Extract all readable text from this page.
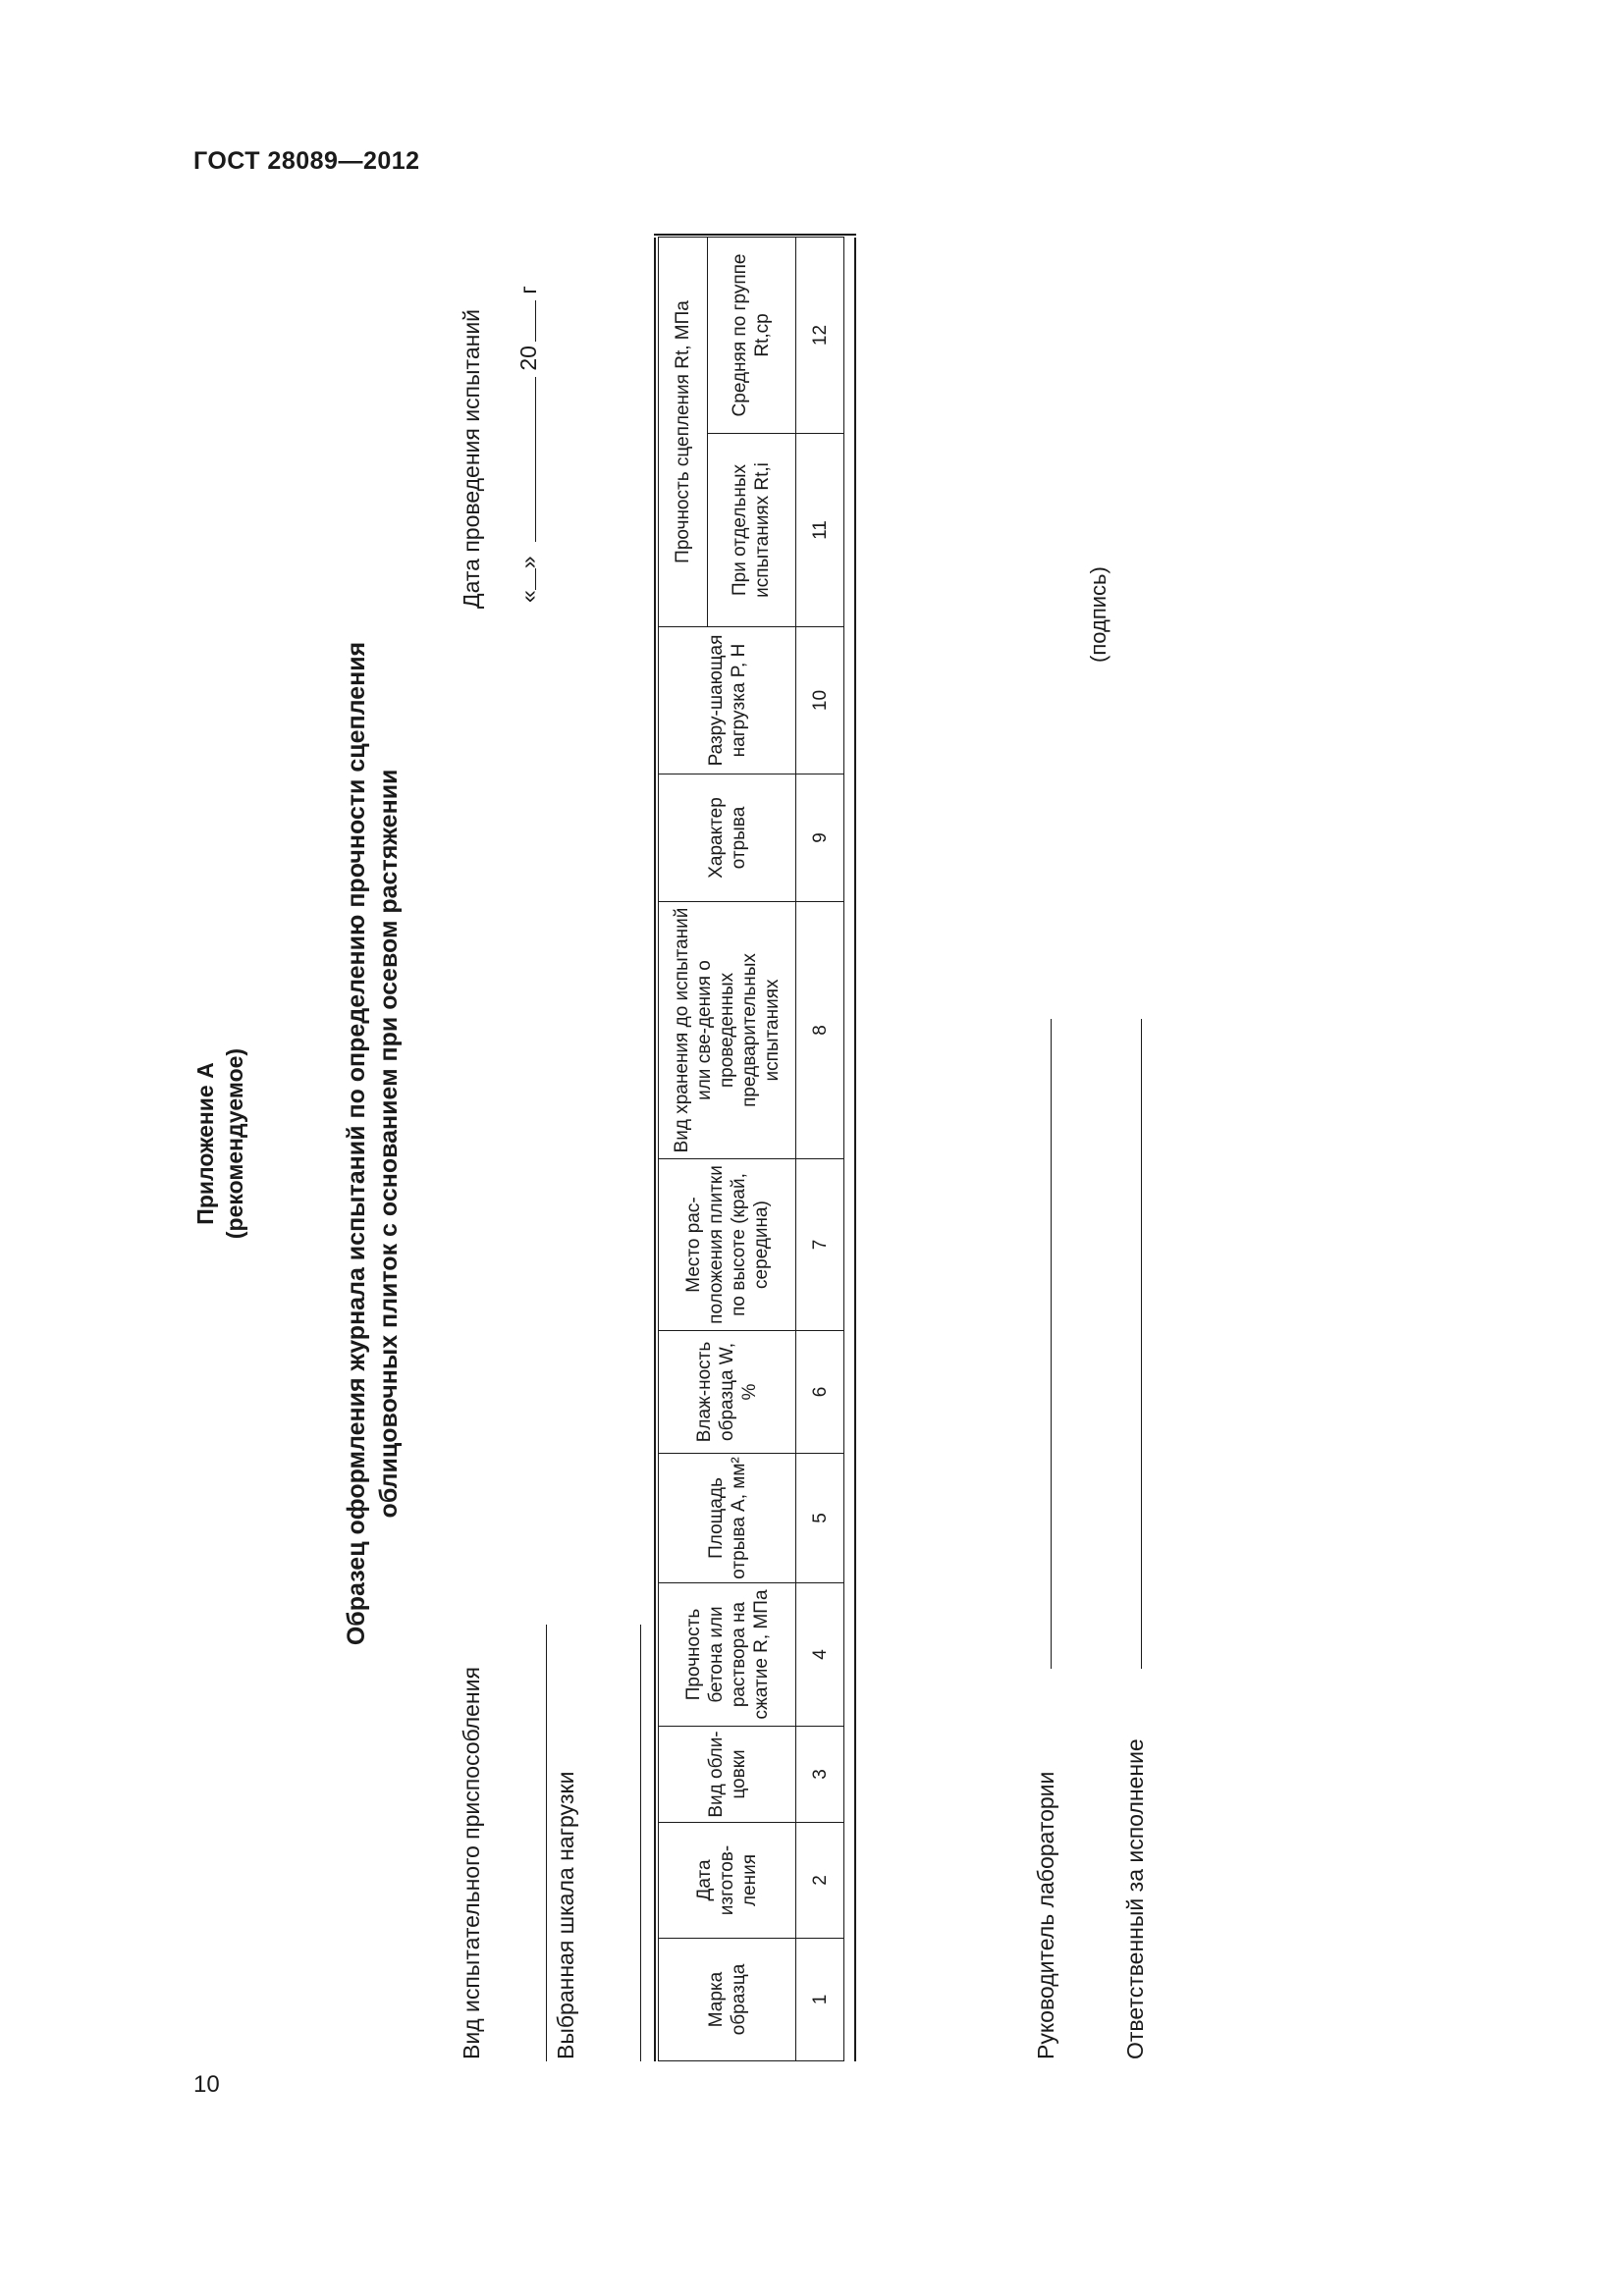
ГОСТ 28089—2012
10
Приложение А (рекомендуемое)	Образец оформления журнала испытаний по определению прочности сцепления облицовочных плиток с основанием при осевом растяжении
Вид испытательного приспособления	Выбранная шкала нагрузки
Дата проведения испытаний «»  20 г
Марка образца	Дата изготов-ления	Вид обли-цовки	Прочность бетона или раствора на сжатие R, МПа	Площадь отрыва A, мм²	Влаж-ность образца W, %	Место рас-положения плитки по высоте (край, середина)	Вид хранения до испытаний или све-дения о проведенных предварительных испытаниях	Характер отрыва	Разру-шающая нагрузка P, Н	Прочность сцепления Rt, МПа	
										При отдельных испытаниях Rt,i	Средняя по группе Rt,ср
1	2	3	4	5	6	7	8	9	10	11	12
Руководитель лаборатории	Ответственный за исполнение
(подпись)
